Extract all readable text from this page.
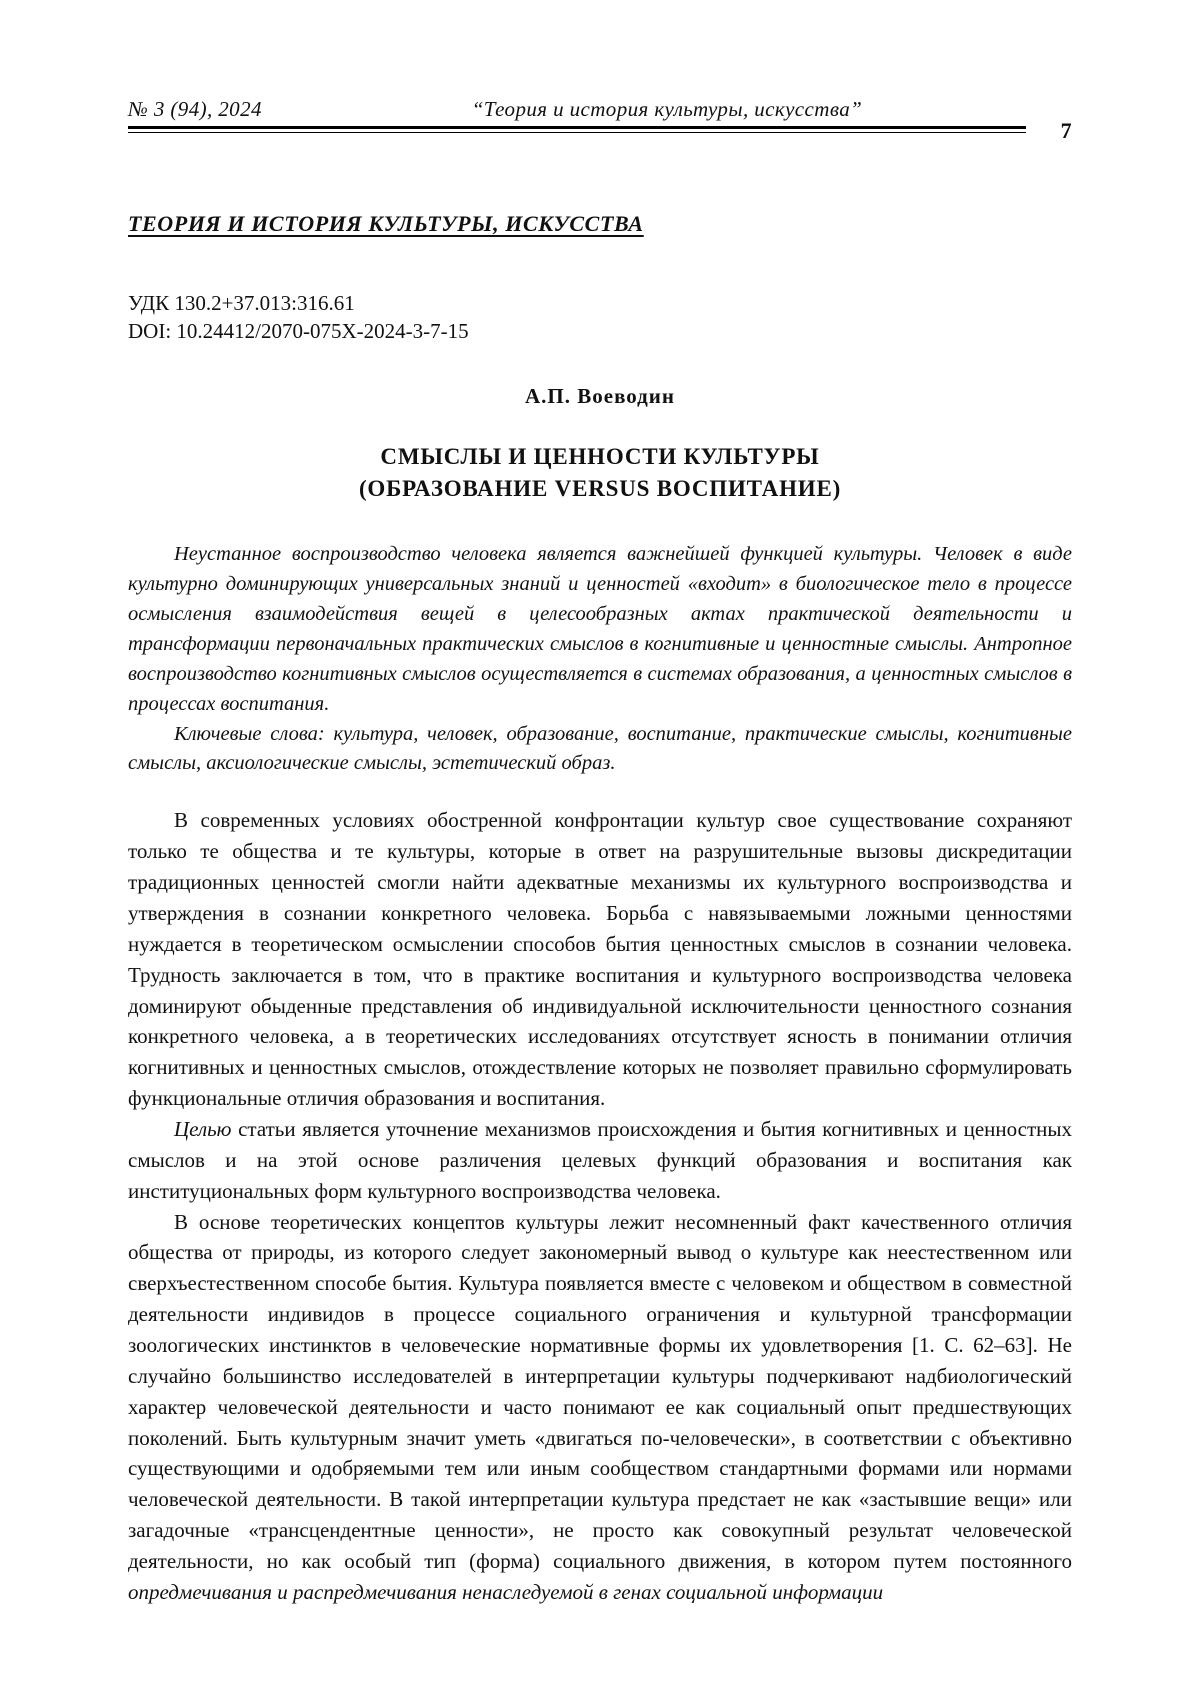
№ 3 (94), 2024	“Теория и история культуры, искусства”
7
ТЕОРИЯ И ИСТОРИЯ КУЛЬТУРЫ, ИСКУССТВА
УДК 130.2+37.013:316.61
DOI: 10.24412/2070-075X-2024-3-7-15
А.П. Воеводин
СМЫСЛЫ И ЦЕННОСТИ КУЛЬТУРЫ
(ОБРАЗОВАНИЕ VERSUS ВОСПИТАНИЕ)

Неустанное воспроизводство человека является важнейшей функцией культуры. Человек в виде культурно доминирующих универсальных знаний и ценностей «входит» в биологическое тело в процессе осмысления взаимодействия вещей в целесообразных актах практической деятельности и трансформации первоначальных практических смыслов в когнитивные и ценностные смыслы. Антропное воспроизводство когнитивных смыслов осуществляется в системах образования, а ценностных смыслов в процессах воспитания.

Ключевые слова: культура, человек, образование, воспитание, практические смыслы, когнитивные смыслы, аксиологические смыслы, эстетический образ.

В современных условиях обостренной конфронтации культур свое существование сохраняют только те общества и те культуры, которые в ответ на разрушительные вызовы дискредитации традиционных ценностей смогли найти адекватные механизмы их культурного воспроизводства и утверждения в сознании конкретного человека. Борьба с навязываемыми ложными ценностями нуждается в теоретическом осмыслении способов бытия ценностных смыслов в сознании человека. Трудность заключается в том, что в практике воспитания и культурного воспроизводства человека доминируют обыденные представления об индивидуальной исключительности ценностного сознания конкретного человека, а в теоретических исследованиях отсутствует ясность в понимании отличия когнитивных и ценностных смыслов, отождествление которых не позволяет правильно сформулировать функциональные отличия образования и воспитания.

Целью статьи является уточнение механизмов происхождения и бытия когнитивных и ценностных смыслов и на этой основе различения целевых функций образования и воспитания как институциональных форм культурного воспроизводства человека.

В основе теоретических концептов культуры лежит несомненный факт качественного отличия общества от природы, из которого следует закономерный вывод о культуре как неестественном или сверхъестественном способе бытия. Культура появляется вместе с человеком и обществом в совместной деятельности индивидов в процессе социального ограничения и культурной трансформации зоологических инстинктов в человеческие нормативные формы их удовлетворения [1. С. 62–63]. Не случайно большинство исследователей в интерпретации культуры подчеркивают надбиологический характер человеческой деятельности и часто понимают ее как социальный опыт предшествующих поколений. Быть культурным значит уметь «двигаться по-человечески», в соответствии с объективно существующими и одобряемыми тем или иным сообществом стандартными формами или нормами человеческой деятельности. В такой интерпретации культура предстает не как «застывшие вещи» или загадочные «трансцендентные ценности», не просто как совокупный результат человеческой деятельности, но как особый тип (форма) социального движения, в котором путем постоянного опредмечивания и распредмечивания ненаследуемой в генах социальной информации
